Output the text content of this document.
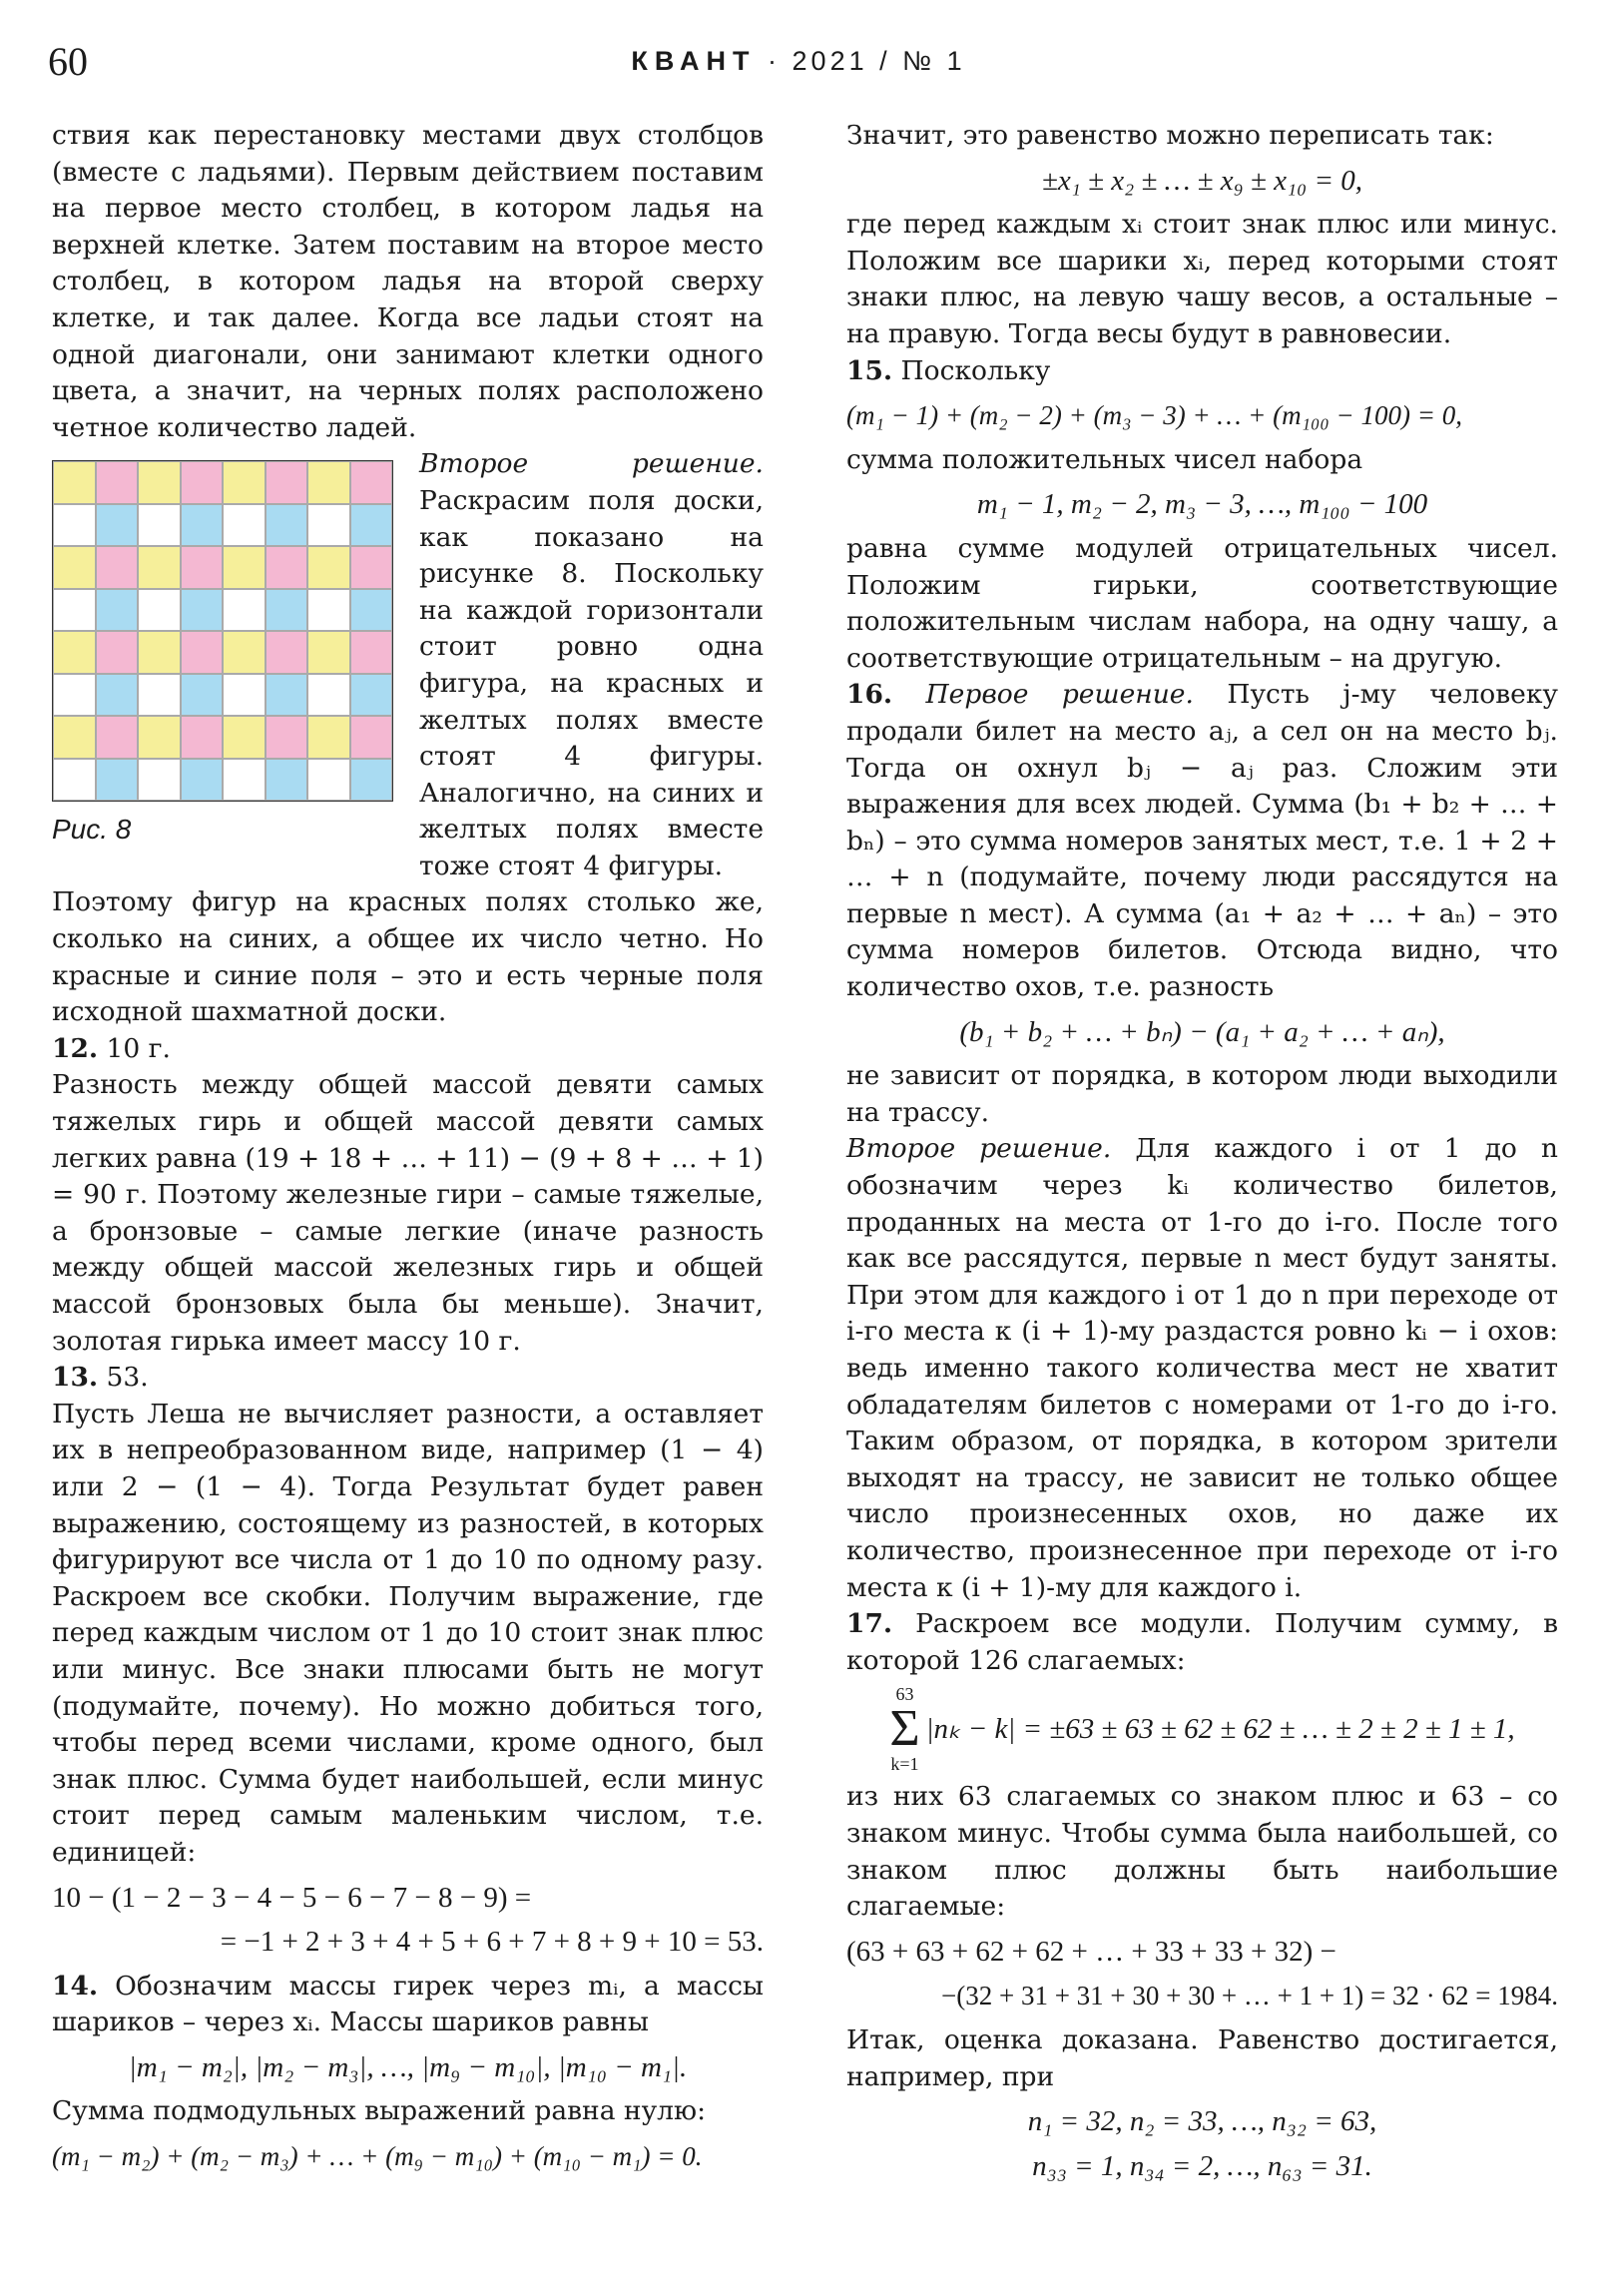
60	КВАНТ · 2021 / № 1

ствия как перестановку местами двух столбцов (вместе с ладьями). Первым действием поставим на первое место столбец, в котором ладья на верхней клетке. Затем поставим на второе место столбец, в котором ладья на второй сверху клетке, и так далее. Когда все ладьи стоят на одной диагонали, они занимают клетки одного цвета, а значит, на черных полях расположено четное количество ладей.

Рис. 8

Второе решение. Раскрасим поля доски, как показано на рисунке 8. Поскольку на каждой горизонтали стоит ровно одна фигура, на красных и желтых полях вместе стоят 4 фигуры. Аналогично, на синих и желтых полях вместе тоже стоят 4 фигуры.

Поэтому фигур на красных полях столько же, сколько на синих, а общее их число четно. Но красные и синие поля – это и есть черные поля исходной шахматной доски.

12. 10 г.

Разность между общей массой девяти самых тяжелых гирь и общей массой девяти самых легких равна (19 + 18 + … + 11) − (9 + 8 + … + 1) = 90 г. Поэтому железные гири – самые тяжелые, а бронзовые – самые легкие (иначе разность между общей массой железных гирь и общей массой бронзовых была бы меньше). Значит, золотая гирька имеет массу 10 г.

13. 53.

Пусть Леша не вычисляет разности, а оставляет их в непреобразованном виде, например (1 − 4) или 2 − (1 − 4). Тогда Результат будет равен выражению, состоящему из разностей, в которых фигурируют все числа от 1 до 10 по одному разу. Раскроем все скобки. Получим выражение, где перед каждым числом от 1 до 10 стоит знак плюс или минус. Все знаки плюсами быть не могут (подумайте, почему). Но можно добиться того, чтобы перед всеми числами, кроме одного, был знак плюс. Сумма будет наибольшей, если минус стоит перед самым маленьким числом, т.е. единицей:

10 − (1 − 2 − 3 − 4 − 5 − 6 − 7 − 8 − 9) =
= −1 + 2 + 3 + 4 + 5 + 6 + 7 + 8 + 9 + 10 = 53.

14. Обозначим массы гирек через mᵢ, а массы шариков – через xᵢ. Массы шариков равны

|m₁ − m₂|, |m₂ − m₃|, …, |m₉ − m₁₀|, |m₁₀ − m₁|.

Сумма подмодульных выражений равна нулю:

(m₁ − m₂) + (m₂ − m₃) + … + (m₉ − m₁₀) + (m₁₀ − m₁) = 0.

Значит, это равенство можно переписать так:

±x₁ ± x₂ ± … ± x₉ ± x₁₀ = 0,

где перед каждым xᵢ стоит знак плюс или минус. Положим все шарики xᵢ, перед которыми стоят знаки плюс, на левую чашу весов, а остальные – на правую. Тогда весы будут в равновесии.

15. Поскольку

(m₁ − 1) + (m₂ − 2) + (m₃ − 3) + … + (m₁₀₀ − 100) = 0,

сумма положительных чисел набора

m₁ − 1, m₂ − 2, m₃ − 3, …, m₁₀₀ − 100

равна сумме модулей отрицательных чисел. Положим гирьки, соответствующие положительным числам набора, на одну чашу, а соответствующие отрицательным – на другую.

16. Первое решение. Пусть j-му человеку продали билет на место aⱼ, а сел он на место bⱼ. Тогда он охнул bⱼ − aⱼ раз. Сложим эти выражения для всех людей. Сумма (b₁ + b₂ + … + bₙ) – это сумма номеров занятых мест, т.е. 1 + 2 + … + n (подумайте, почему люди рассядутся на первые n мест). А сумма (a₁ + a₂ + … + aₙ) – это сумма номеров билетов. Отсюда видно, что количество охов, т.е. разность

(b₁ + b₂ + … + bₙ) − (a₁ + a₂ + … + aₙ),

не зависит от порядка, в котором люди выходили на трассу.

Второе решение. Для каждого i от 1 до n обозначим через kᵢ количество билетов, проданных на места от 1-го до i-го. После того как все рассядутся, первые n мест будут заняты. При этом для каждого i от 1 до n при переходе от i-го места к (i + 1)-му раздастся ровно kᵢ − i охов: ведь именно такого количества мест не хватит обладателям билетов с номерами от 1-го до i-го. Таким образом, от порядка, в котором зрители выходят на трассу, не зависит не только общее число произнесенных охов, но даже их количество, произнесенное при переходе от i-го места к (i + 1)-му для каждого i.

17. Раскроем все модули. Получим сумму, в которой 126 слагаемых:

63
Σ
k=1
|nₖ − k| = ±63 ± 63 ± 62 ± 62 ± … ± 2 ± 2 ± 1 ± 1,

из них 63 слагаемых со знаком плюс и 63 – со знаком минус. Чтобы сумма была наибольшей, со знаком плюс должны быть наибольшие слагаемые:

(63 + 63 + 62 + 62 + … + 33 + 33 + 32) −
−(32 + 31 + 31 + 30 + 30 + … + 1 + 1) = 32 · 62 = 1984.

Итак, оценка доказана. Равенство достигается, например, при

n₁ = 32, n₂ = 33, …, n₃₂ = 63,
n₃₃ = 1, n₃₄ = 2, …, n₆₃ = 31.
